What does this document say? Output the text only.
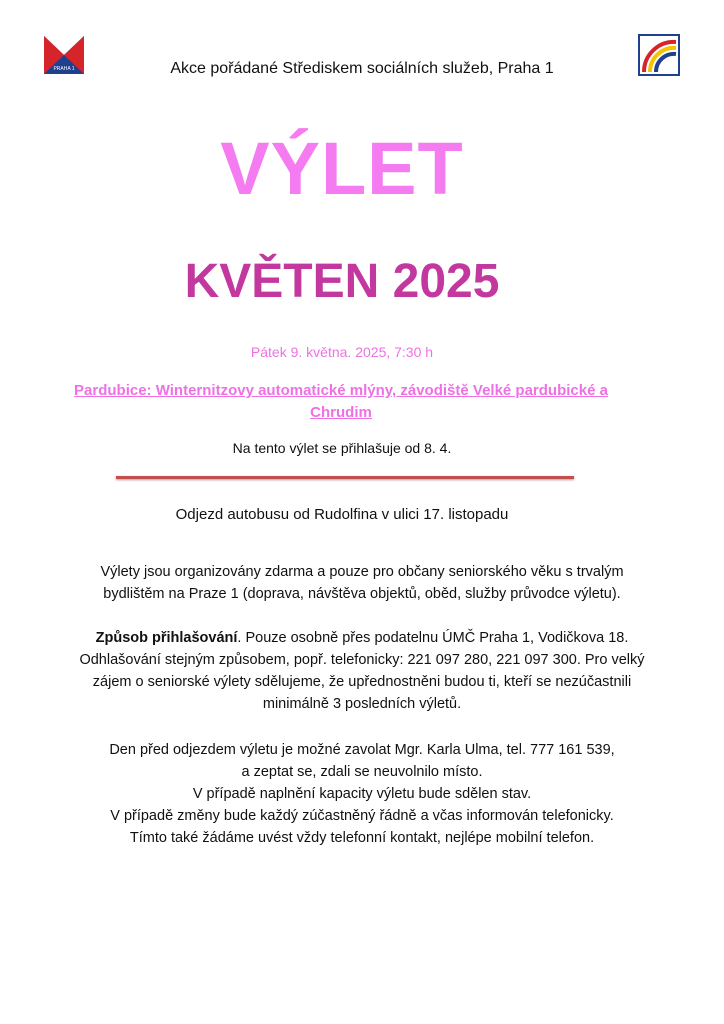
PRAHA 1	Akce pořádané Střediskem sociálních služeb, Praha 1
VÝLET
KVĚTEN 2025
Pátek 9. května. 2025, 7:30 h
Pardubice: Winternitzovy automatické mlýny, závodiště Velké pardubické a Chrudim
Na tento výlet se přihlašuje od 8. 4.
Odjezd autobusu od Rudolfina v ulici 17. listopadu

Výlety jsou organizovány zdarma a pouze pro občany seniorského věku s trvalým bydlištěm na Praze 1 (doprava, návštěva objektů, oběd, služby průvodce výletu).

Způsob přihlašování. Pouze osobně přes podatelnu ÚMČ Praha 1, Vodičkova 18. Odhlašování stejným způsobem, popř. telefonicky: 221 097 280, 221 097 300. Pro velký zájem o seniorské výlety sdělujeme, že upřednostněni budou ti, kteří se nezúčastnili minimálně 3 posledních výletů.

Den před odjezdem výletu je možné zavolat Mgr. Karla Ulma, tel. 777 161 539,

a zeptat se, zdali se neuvolnilo místo.

V případě naplnění kapacity výletu bude sdělen stav.

V případě změny bude každý zúčastněný řádně a včas informován telefonicky.

Tímto také žádáme uvést vždy telefonní kontakt, nejlépe mobilní telefon.
